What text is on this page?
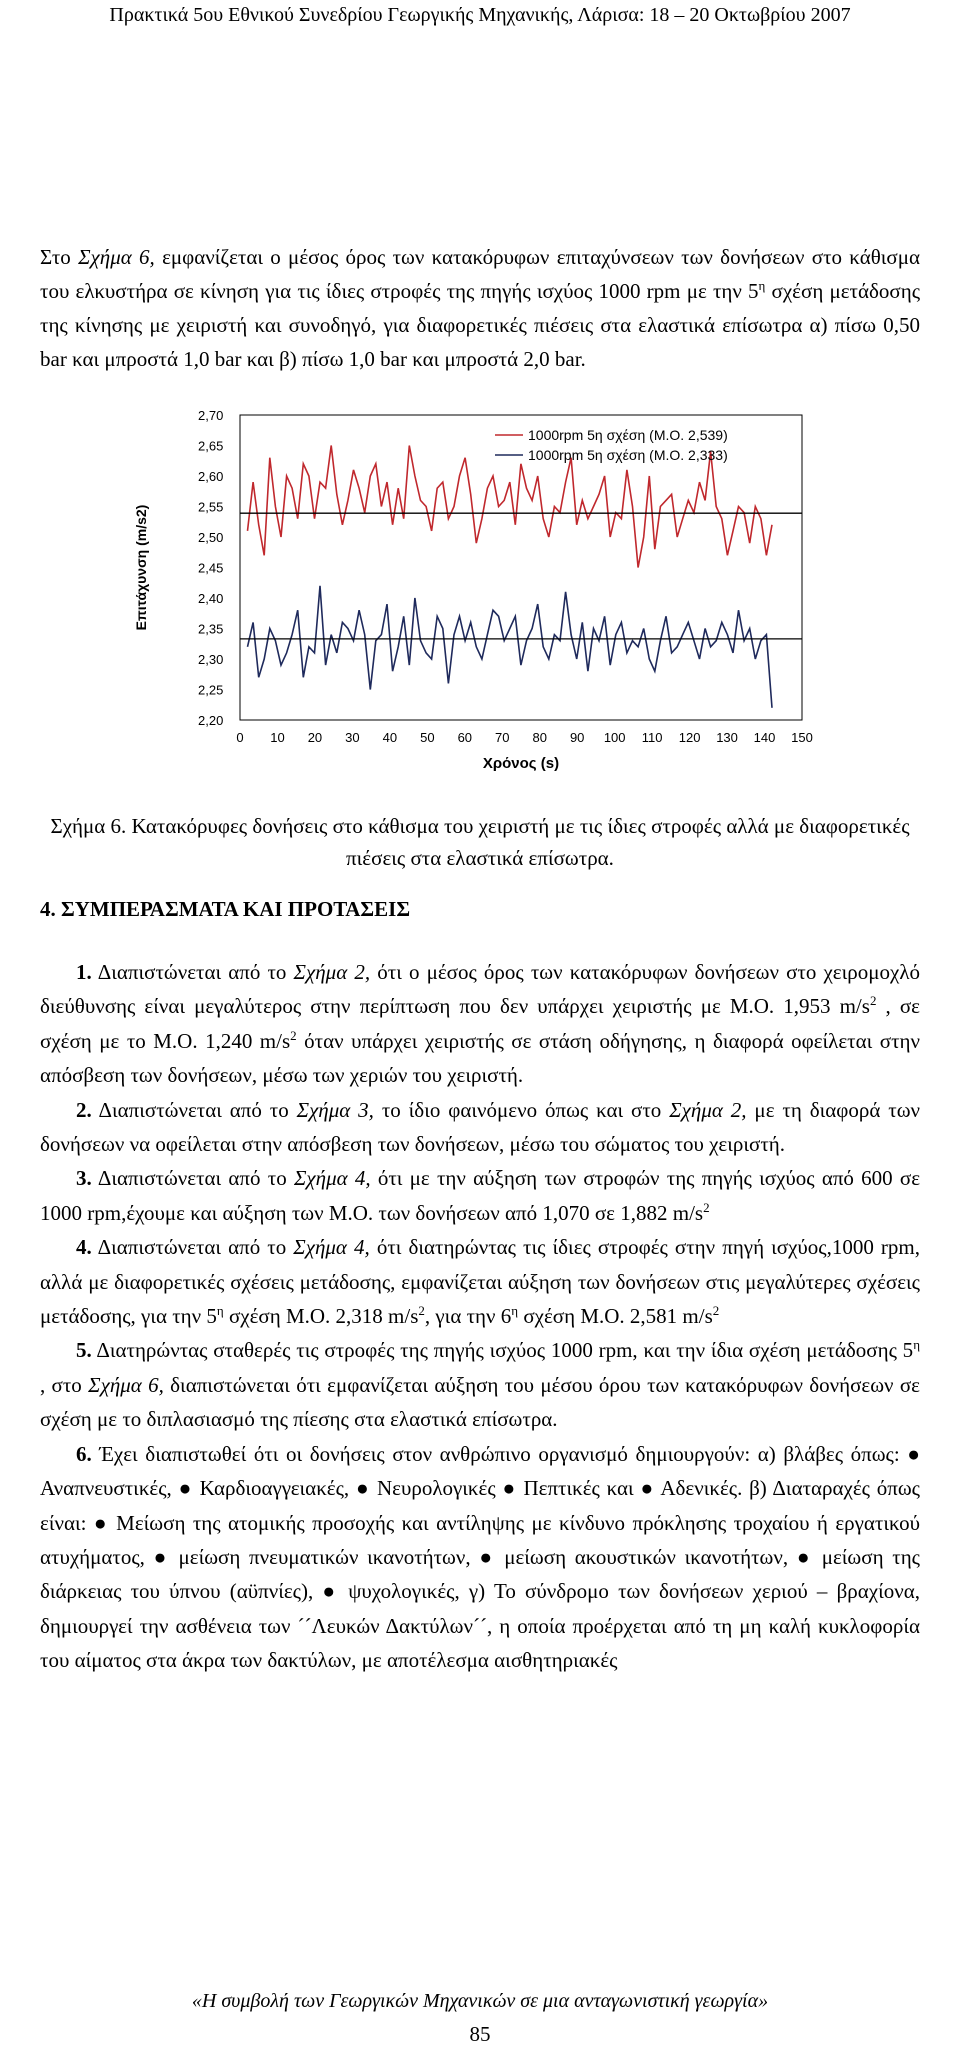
Πρακτικά 5ου Εθνικού Συνεδρίου Γεωργικής Μηχανικής, Λάρισα: 18 – 20 Οκτωβρίου 2007
Στο Σχήμα 6, εμφανίζεται ο μέσος όρος των κατακόρυφων επιταχύνσεων των δονήσεων στο κάθισμα του ελκυστήρα σε κίνηση για τις ίδιες στροφές της πηγής ισχύος 1000 rpm με την $5^\eta$ σχέση μετάδοσης της κίνησης με χειριστή και συνοδηγό, για διαφορετικές πιέσεις στα ελαστικά επίσωτρα α) πίσω 0,50 bar και μπροστά 1,0 bar και β) πίσω 1,0 bar και μπροστά 2,0 bar.
2,20
2,25
2,30
2,35
2,40
2,45
2,50
2,55
2,60
2,65
2,70
0 10 20 30 40 50 60 70 80 90 100 110 120 130 140 150
Χρόνος (s)
Επιτάχυνση (m/s2)
1000rpm 5η σχέση (Μ.Ο. 2,539)
1000rpm 5η σχέση (Μ.Ο. 2,333)
Σχήμα 6. Κατακόρυφες δονήσεις στο κάθισμα του χειριστή με τις ίδιες στροφές αλλά με διαφορετικές πιέσεις στα ελαστικά επίσωτρα.
4. ΣΥΜΠΕΡΑΣΜΑΤΑ ΚΑΙ ΠΡΟΤΑΣΕΙΣ

1. Διαπιστώνεται από το Σχήμα 2, ότι ο μέσος όρος των κατακόρυφων δονήσεων στο χειρομοχλό διεύθυνσης είναι μεγαλύτερος στην περίπτωση που δεν υπάρχει χειριστής με Μ.Ο. 1,953 $m/s^2$ , σε σχέση με το Μ.Ο. 1,240 $m/s^2$ όταν υπάρχει χειριστής σε στάση οδήγησης, η διαφορά οφείλεται στην απόσβεση των δονήσεων, μέσω των χεριών του χειριστή.

2. Διαπιστώνεται από το Σχήμα 3, το ίδιο φαινόμενο όπως και στο Σχήμα 2, με τη διαφορά των δονήσεων να οφείλεται στην απόσβεση των δονήσεων, μέσω του σώματος του χειριστή.

3. Διαπιστώνεται από το Σχήμα 4, ότι με την αύξηση των στροφών της πηγής ισχύος από 600 σε 1000 rpm,έχουμε και αύξηση των Μ.Ο. των δονήσεων από 1,070 σε 1,882 $m/s^2$

4. Διαπιστώνεται από το Σχήμα 4, ότι διατηρώντας τις ίδιες στροφές στην πηγή ισχύος,1000 rpm, αλλά με διαφορετικές σχέσεις μετάδοσης, εμφανίζεται αύξηση των δονήσεων στις μεγαλύτερες σχέσεις μετάδοσης, για την $5^\eta$ σχέση Μ.Ο. 2,318 $m/s^2$, για την $6^\eta$ σχέση Μ.Ο. 2,581 $m/s^2$

5. Διατηρώντας σταθερές τις στροφές της πηγής ισχύος 1000 rpm, και την ίδια σχέση μετάδοσης $5^\eta$ , στο Σχήμα 6, διαπιστώνεται ότι εμφανίζεται αύξηση του μέσου όρου των κατακόρυφων δονήσεων σε σχέση με το διπλασιασμό της πίεσης στα ελαστικά επίσωτρα.

6. Έχει διαπιστωθεί ότι οι δονήσεις στον ανθρώπινο οργανισμό δημιουργούν: α) βλάβες όπως: ● Αναπνευστικές, ● Καρδιοαγγειακές, ● Νευρολογικές ● Πεπτικές και ● Αδενικές. β) Διαταραχές όπως είναι: ● Μείωση της ατομικής προσοχής και αντίληψης με κίνδυνο πρόκλησης τροχαίου ή εργατικού ατυχήματος, ● μείωση πνευματικών ικανοτήτων, ● μείωση ακουστικών ικανοτήτων, ● μείωση της διάρκειας του ύπνου (αϋπνίες), ● ψυχολογικές, γ) Το σύνδρομο των δονήσεων χεριού – βραχίονα, δημιουργεί την ασθένεια των ´´Λευκών Δακτύλων´´, η οποία προέρχεται από τη μη καλή κυκλοφορία του αίματος στα άκρα των δακτύλων, με αποτέλεσμα αισθητηριακές

«Η συμβολή των Γεωργικών Μηχανικών σε μια ανταγωνιστική γεωργία»
85
